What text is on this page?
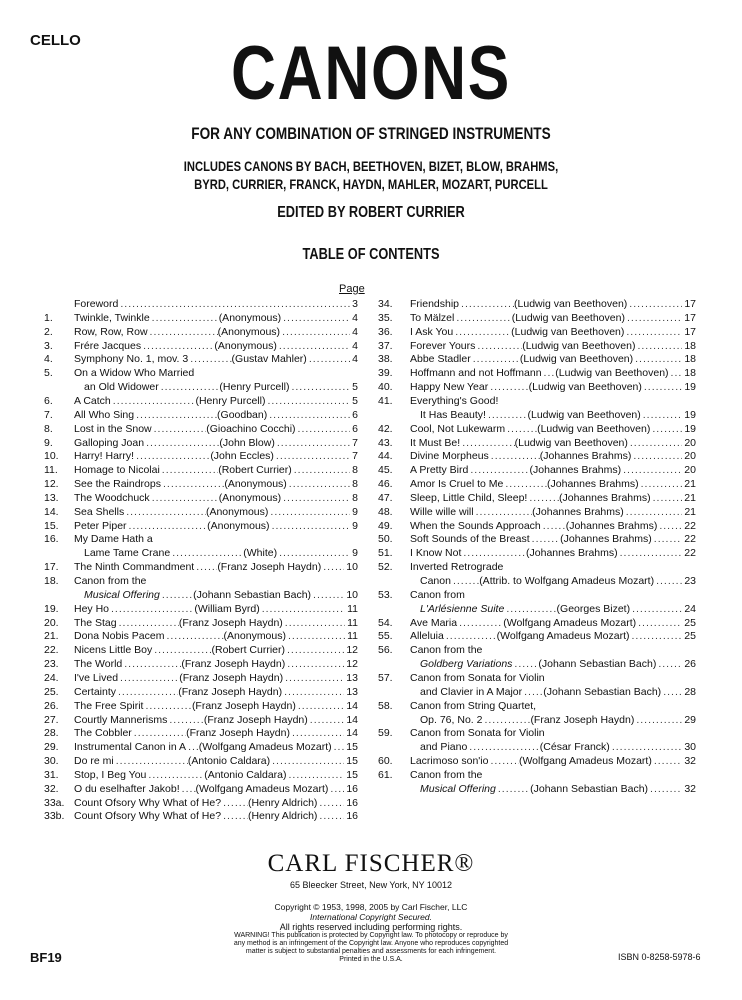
CELLO	CANONS
FOR ANY COMBINATION OF STRINGED INSTRUMENTS
INCLUDES CANONS BY BACH, BEETHOVEN, BIZET, BLOW, BRAHMS,
BYRD, CURRIER, FRANCK, HAYDN, MAHLER, MOZART, PURCELL
EDITED BY ROBERT CURRIER
TABLE OF CONTENTS
Page
Foreword .....	3
1. Twinkle, Twinkle .....	(Anonymous) .....	4
2. Row, Row, Row .....	(Anonymous) .....	4
3. Frére Jacques .....	(Anonymous) .....	4
4. Symphony No. 1, mov. 3 .....	(Gustav Mahler) .....	4
5. On a Widow Who Married
an Old Widower .....	(Henry Purcell) .....	5
6. A Catch .....	(Henry Purcell) .....	5
7. All Who Sing .....	(Goodban) .....	6
8. Lost in the Snow .....	(Gioachino Cocchi) .....	6
9. Galloping Joan .....	(John Blow) .....	7
10. Harry! Harry! .....	(John Eccles) .....	7
11. Homage to Nicolai .....	(Robert Currier) .....	8
12. See the Raindrops .....	(Anonymous) .....	8
13. The Woodchuck .....	(Anonymous) .....	8
14. Sea Shells .....	(Anonymous) .....	9
15. Peter Piper .....	(Anonymous) .....	9
16. My Dame Hath a
Lame Tame Crane .....	(White) .....	9
17. The Ninth Commandment ..... (Franz Joseph Haydn) ..... 10
18. Canon from the
Musical Offering .....	(Johann Sebastian Bach) .....	10
19. Hey Ho .....	(William Byrd) .....	11
20. The Stag .....	(Franz Joseph Haydn) .....	11
21. Dona Nobis Pacem .....	(Anonymous) .....	11
22. Nicens Little Boy .....	(Robert Currier) .....	12
23. The World .....	(Franz Joseph Haydn) .....	12
24. I've Lived .....	(Franz Joseph Haydn) .....	13
25. Certainty .....	(Franz Joseph Haydn) .....	13
26. The Free Spirit .....	(Franz Joseph Haydn) .....	14
27. Courtly Mannerisms .....	(Franz Joseph Haydn) .....	14
28. The Cobbler .....	(Franz Joseph Haydn) .....	14
29. Instrumental Canon in A ..... (Wolfgang Amadeus Mozart) ..... 15
30. Do re mi .....	(Antonio Caldara) .....	15
31. Stop, I Beg You .....	(Antonio Caldara) .....	15
32. O du eselhafter Jakob! ..... (Wolfgang Amadeus Mozart) ..... 16
33a. Count Ofsory Why What of He? .....	(Henry Aldrich) .....	16
33b. Count Ofsory Why What of He? .....	(Henry Aldrich) .....	16
34. Friendship .....	(Ludwig van Beethoven) .....	17
35. To Mälzel .....	(Ludwig van Beethoven) .....	17
36. I Ask You .....	(Ludwig van Beethoven) .....	17
37. Forever Yours .....	(Ludwig van Beethoven) .....	18
38. Abbe Stadler .....	(Ludwig van Beethoven) .....	18
39. Hoffmann and not Hoffmann ..... (Ludwig van Beethoven) ..... 18
40. Happy New Year .....	(Ludwig van Beethoven) .....	19
41. Everything's Good!
It Has Beauty! .....	(Ludwig van Beethoven) .....	19
42. Cool, Not Lukewarm .....	(Ludwig van Beethoven) .....	19
43. It Must Be! .....	(Ludwig van Beethoven) .....	20
44. Divine Morpheus .....	(Johannes Brahms) .....	20
45. A Pretty Bird .....	(Johannes Brahms) .....	20
46. Amor Is Cruel to Me .....	(Johannes Brahms) .....	21
47. Sleep, Little Child, Sleep! .....	(Johannes Brahms) .....	21
48. Wille wille will .....	(Johannes Brahms) .....	21
49. When the Sounds Approach ..... (Johannes Brahms) .....	22
50. Soft Sounds of the Breast .....	(Johannes Brahms) .....	22
51. I Know Not .....	(Johannes Brahms) .....	22
52. Inverted Retrograde
Canon .....	(Attrib. to Wolfgang Amadeus Mozart) .....	23
53. Canon from
L'Arlésienne Suite .....	(Georges Bizet) .....	24
54. Ave Maria .....	(Wolfgang Amadeus Mozart) .....	25
55. Alleluia .....	(Wolfgang Amadeus Mozart) .....	25
56. Canon from the
Goldberg Variations ..... (Johann Sebastian Bach) .....	26
57. Canon from Sonata for Violin
and Clavier in A Major ..... (Johann Sebastian Bach) ..... 28
58. Canon from String Quartet,
Op. 76, No. 2 .....	(Franz Joseph Haydn) .....	29
59. Canon from Sonata for Violin
and Piano .....	(César Franck) .....	30
60. Lacrimoso son'io .....	(Wolfgang Amadeus Mozart) .....	32
61. Canon from the
Musical Offering .....	(Johann Sebastian Bach) .....	32
CARL FISCHER®
65 Bleecker Street, New York, NY 10012
Copyright © 1953, 1998, 2005 by Carl Fischer, LLC
International Copyright Secured.
All rights reserved including performing rights.
WARNING! This publication is protected by Copyright law. To photocopy or reproduce by
any method is an infringement of the Copyright law. Anyone who reproduces copyrighted
matter is subject to substantial penalties and assessments for each infringement.
Printed in the U.S.A.
BF19	ISBN 0-8258-5978-6
